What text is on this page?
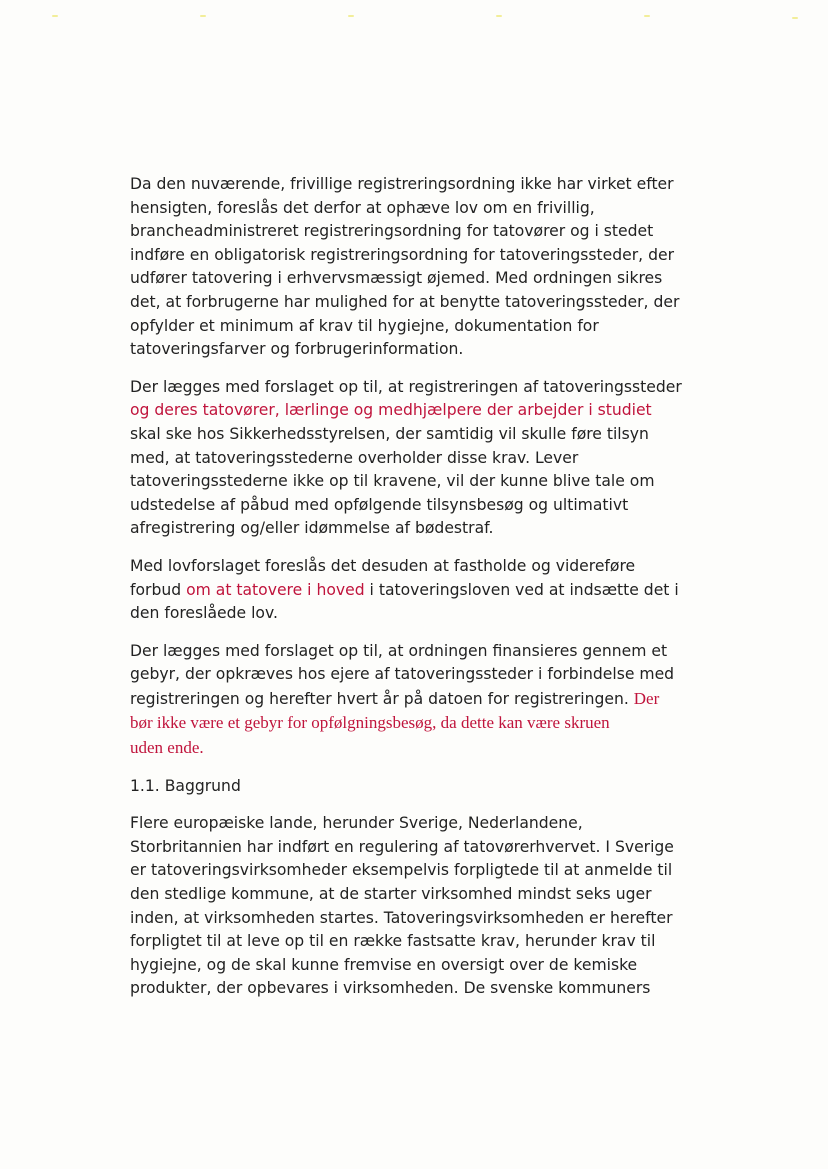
Da den nuværende, frivillige registreringsordning ikke har virket efter
hensigten, foreslås det derfor at ophæve lov om en frivillig,
brancheadministreret registreringsordning for tatovører og i stedet
indføre en obligatorisk registreringsordning for tatoveringssteder, der
udfører tatovering i erhvervsmæssigt øjemed. Med ordningen sikres
det, at forbrugerne har mulighed for at benytte tatoveringssteder, der
opfylder et minimum af krav til hygiejne, dokumentation for
tatoveringsfarver og forbrugerinformation.
Der lægges med forslaget op til, at registreringen af tatoveringssteder
og deres tatovører, lærlinge og medhjælpere der arbejder i studiet
skal ske hos Sikkerhedsstyrelsen, der samtidig vil skulle føre tilsyn
med, at tatoveringsstederne overholder disse krav. Lever
tatoveringsstederne ikke op til kravene, vil der kunne blive tale om
udstedelse af påbud med opfølgende tilsynsbesøg og ultimativt
afregistrering og/eller idømmelse af bødestraf.
Med lovforslaget foreslås det desuden at fastholde og videreføre
forbud om at tatovere i hoved i tatoveringsloven ved at indsætte det i
den foreslåede lov.
Der lægges med forslaget op til, at ordningen finansieres gennem et
gebyr, der opkræves hos ejere af tatoveringssteder i forbindelse med
registreringen og herefter hvert år på datoen for registreringen. Der
bør ikke være et gebyr for opfølgningsbesøg, da dette kan være skruen
uden ende.

1.1. Baggrund

Flere europæiske lande, herunder Sverige, Nederlandene,
Storbritannien har indført en regulering af tatovørerhvervet. I Sverige
er tatoveringsvirksomheder eksempelvis forpligtede til at anmelde til
den stedlige kommune, at de starter virksomhed mindst seks uger
inden, at virksomheden startes. Tatoveringsvirksomheden er herefter
forpligtet til at leve op til en række fastsatte krav, herunder krav til
hygiejne, og de skal kunne fremvise en oversigt over de kemiske
produkter, der opbevares i virksomheden. De svenske kommuners
